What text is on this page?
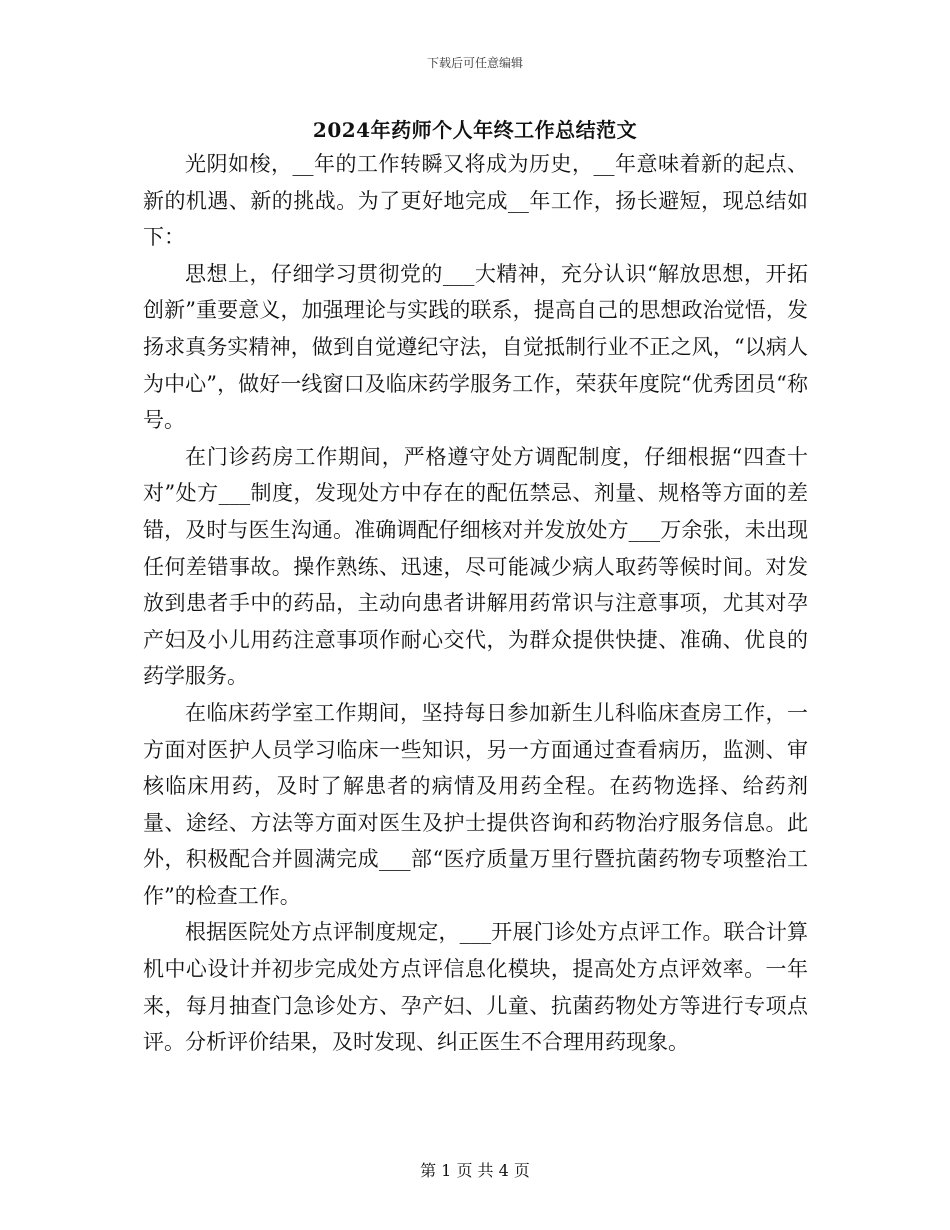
下载后可任意编辑
2024年药师个人年终工作总结范文

光阴如梭，__年的工作转瞬又将成为历史，__年意味着新的起点、新的机遇、新的挑战。为了更好地完成__年工作，扬长避短，现总结如下：

思想上，仔细学习贯彻党的___大精神，充分认识“解放思想，开拓创新”重要意义，加强理论与实践的联系，提高自己的思想政治觉悟，发扬求真务实精神，做到自觉遵纪守法，自觉抵制行业不正之风，“以病人为中心”，做好一线窗口及临床药学服务工作，荣获年度院“优秀团员“称号。

在门诊药房工作期间，严格遵守处方调配制度，仔细根据“四查十对”处方___制度，发现处方中存在的配伍禁忌、剂量、规格等方面的差错，及时与医生沟通。准确调配仔细核对并发放处方___万余张，未出现任何差错事故。操作熟练、迅速，尽可能减少病人取药等候时间。对发放到患者手中的药品，主动向患者讲解用药常识与注意事项，尤其对孕产妇及小儿用药注意事项作耐心交代，为群众提供快捷、准确、优良的药学服务。

在临床药学室工作期间，坚持每日参加新生儿科临床查房工作，一方面对医护人员学习临床一些知识，另一方面通过查看病历，监测、审核临床用药，及时了解患者的病情及用药全程。在药物选择、给药剂量、途经、方法等方面对医生及护士提供咨询和药物治疗服务信息。此外，积极配合并圆满完成___部“医疗质量万里行暨抗菌药物专项整治工作”的检查工作。

根据医院处方点评制度规定，___开展门诊处方点评工作。联合计算机中心设计并初步完成处方点评信息化模块，提高处方点评效率。一年来，每月抽查门急诊处方、孕产妇、儿童、抗菌药物处方等进行专项点评。分析评价结果，及时发现、纠正医生不合理用药现象。

第 1 页 共 4 页
